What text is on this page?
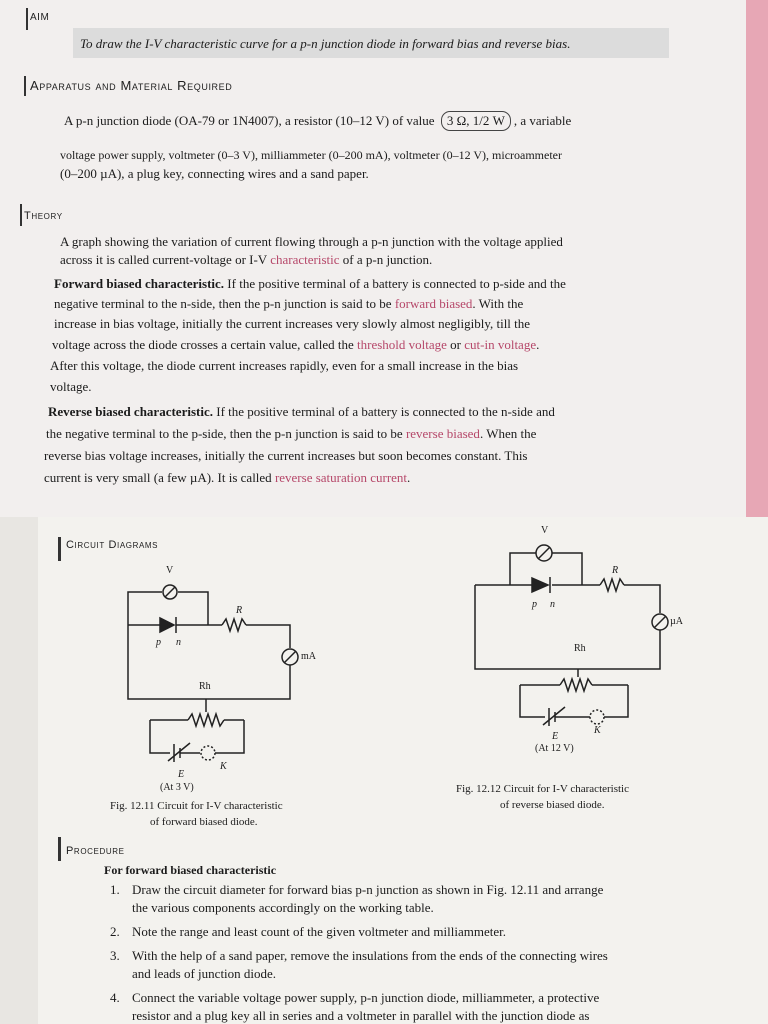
AIM
To draw the I-V characteristic curve for a p-n junction diode in forward bias and reverse bias.
Apparatus and Material Required
A p-n junction diode (OA-79 or 1N4007), a resistor (10–12 V) of value 3 Ω, 1/2 W , a variable
voltage power supply, voltmeter (0–3 V), milliammeter (0–200 mA), voltmeter (0–12 V), microammeter
(0–200 µA), a plug key, connecting wires and a sand paper.
Theory
A graph showing the variation of current flowing through a p-n junction with the voltage applied
across it is called current-voltage or I-V characteristic of a p-n junction.
Forward biased characteristic. If the positive terminal of a battery is connected to p-side and the
negative terminal to the n-side, then the p-n junction is said to be forward biased. With the
increase in bias voltage, initially the current increases very slowly almost negligibly, till the
voltage across the diode crosses a certain value, called the threshold voltage or cut-in voltage.
After this voltage, the diode current increases rapidly, even for a small increase in the bias
voltage.
Reverse biased characteristic. If the positive terminal of a battery is connected to the n-side and
the negative terminal to the p-side, then the p-n junction is said to be reverse biased. When the
reverse bias voltage increases, initially the current increases but soon becomes constant. This
current is very small (a few µA). It is called reverse saturation current.
Circuit Diagrams
V
R
p n
mA
Rh
E
K
(At 3 V)
Fig. 12.11 Circuit for I-V characteristic
of forward biased diode.
V
R
p n
µA
Rh
E
K
(At 12 V)
Fig. 12.12 Circuit for I-V characteristic
of reverse biased diode.
Procedure
For forward biased characteristic
1. Draw the circuit diameter for forward bias p-n junction as shown in Fig. 12.11 and arrange
the various components accordingly on the working table.
2. Note the range and least count of the given voltmeter and milliammeter.
3. With the help of a sand paper, remove the insulations from the ends of the connecting wires
and leads of junction diode.
4. Connect the variable voltage power supply, p-n junction diode, milliammeter, a protective
resistor and a plug key all in series and a voltmeter in parallel with the junction diode as
